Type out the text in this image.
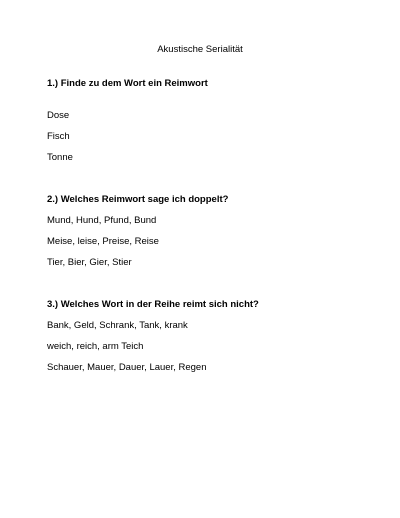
Akustische Serialität
1.) Finde zu dem Wort ein Reimwort
Dose
Fisch
Tonne
2.) Welches Reimwort sage ich doppelt?
Mund, Hund, Pfund, Bund
Meise, leise, Preise, Reise
Tier, Bier, Gier, Stier
3.) Welches Wort in der Reihe reimt sich nicht?
Bank, Geld, Schrank, Tank, krank
weich, reich, arm Teich
Schauer, Mauer, Dauer, Lauer, Regen
